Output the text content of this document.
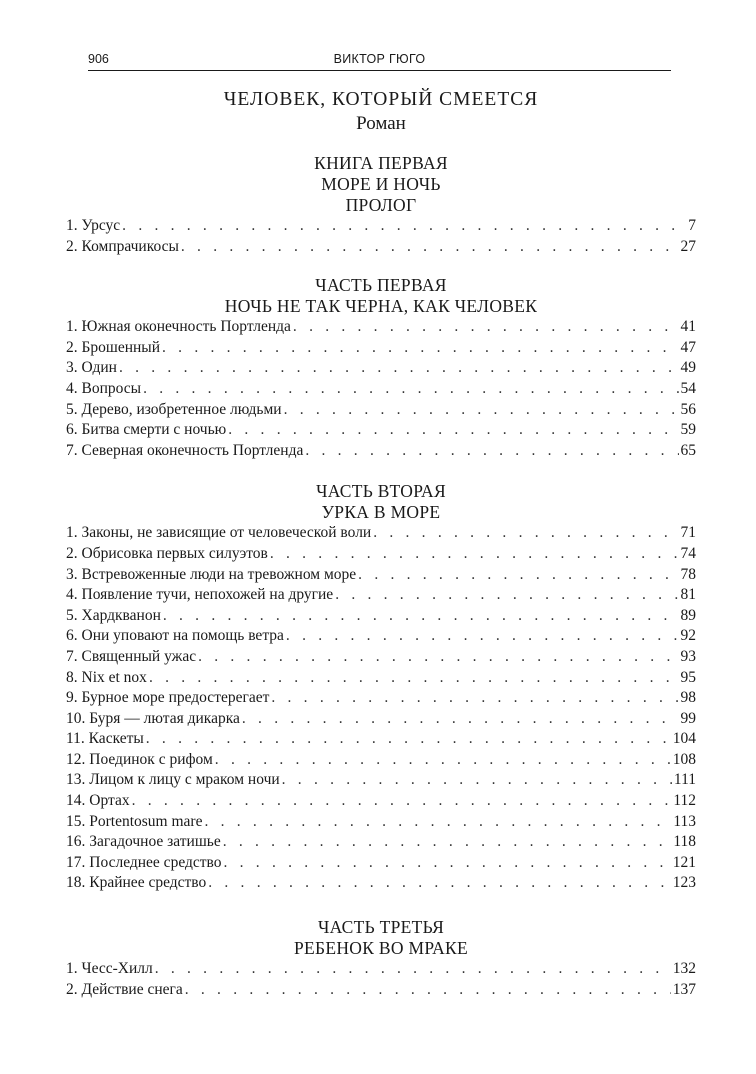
906	ВИКТОР ГЮГО
ЧЕЛОВЕК, КОТОРЫЙ СМЕЕТСЯ
Роман
КНИГА ПЕРВАЯ
МОРЕ И НОЧЬ
ПРОЛОГ
1. Урсус . . .	7
2. Компрачикосы . . .	27
ЧАСТЬ ПЕРВАЯ
НОЧЬ НЕ ТАК ЧЕРНА, КАК ЧЕЛОВЕК
1. Южная оконечность Портленда . . .	41
2. Брошенный . . .	47
3. Один . . .	49
4. Вопросы . . .	54
5. Дерево, изобретенное людьми . . .	56
6. Битва смерти с ночью . . .	59
7. Северная оконечность Портленда . . .	65
ЧАСТЬ ВТОРАЯ
УРКА В МОРЕ
1. Законы, не зависящие от человеческой воли . . .	71
2. Обрисовка первых силуэтов . . .	74
3. Встревоженные люди на тревожном море . . .	78
4. Появление тучи, непохожей на другие . . .	81
5. Хардкванон . . .	89
6. Они уповают на помощь ветра . . .	92
7. Священный ужас . . .	93
8. Nix et nox . . .	95
9. Бурное море предостерегает . . .	98
10. Буря — лютая дикарка . . .	99
11. Каскеты . . .	104
12. Поединок с рифом . . .	108
13. Лицом к лицу с мраком ночи . . .	111
14. Ортах . . .	112
15. Portentosum mare . . .	113
16. Загадочное затишье . . .	118
17. Последнее средство . . .	121
18. Крайнее средство . . .	123
ЧАСТЬ ТРЕТЬЯ
РЕБЕНОК ВО МРАКЕ
1. Чесс-Хилл . . .	132
2. Действие снега . . .	137
